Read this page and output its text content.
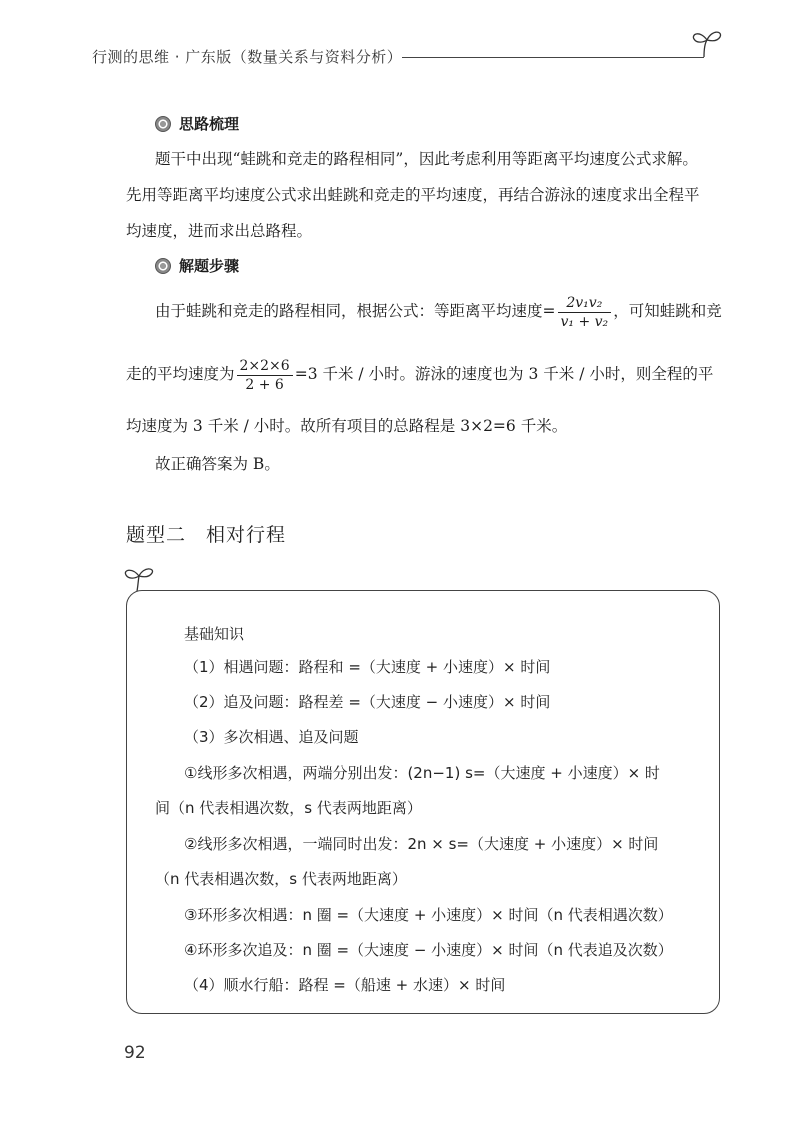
行测的思维 · 广东版（数量关系与资料分析）
思路梳理
题干中出现“蛙跳和竞走的路程相同”，因此考虑利用等距离平均速度公式求解。
先用等距离平均速度公式求出蛙跳和竞走的平均速度，再结合游泳的速度求出全程平
均速度，进而求出总路程。
解题步骤
由于蛙跳和竞走的路程相同，根据公式：等距离平均速度= $\frac{\text{2v₁v₂}}{\text{v₁ + v₂}}$ ，可知蛙跳和竞
走的平均速度为 $\frac{2\times 2\times 6}{2 + 6} =3$ 千米 / 小时。游泳的速度也为 3 千米 / 小时，则全程的平
均速度为 3 千米 / 小时。故所有项目的总路程是 3×2=6 千米。
故正确答案为 B。
题型二　相对行程
基础知识
（1）相遇问题：路程和 =（大速度 + 小速度）× 时间
（2）追及问题：路程差 =（大速度 − 小速度）× 时间
（3）多次相遇、追及问题
①线形多次相遇，两端分别出发：(2n−1) s=（大速度 + 小速度）× 时
间（n 代表相遇次数，s 代表两地距离）
②线形多次相遇，一端同时出发：2n × s=（大速度 + 小速度）× 时间
（n 代表相遇次数，s 代表两地距离）
③环形多次相遇：n 圈 =（大速度 + 小速度）× 时间（n 代表相遇次数）
④环形多次追及：n 圈 =（大速度 − 小速度）× 时间（n 代表追及次数）
（4）顺水行船：路程 =（船速 + 水速）× 时间
92
